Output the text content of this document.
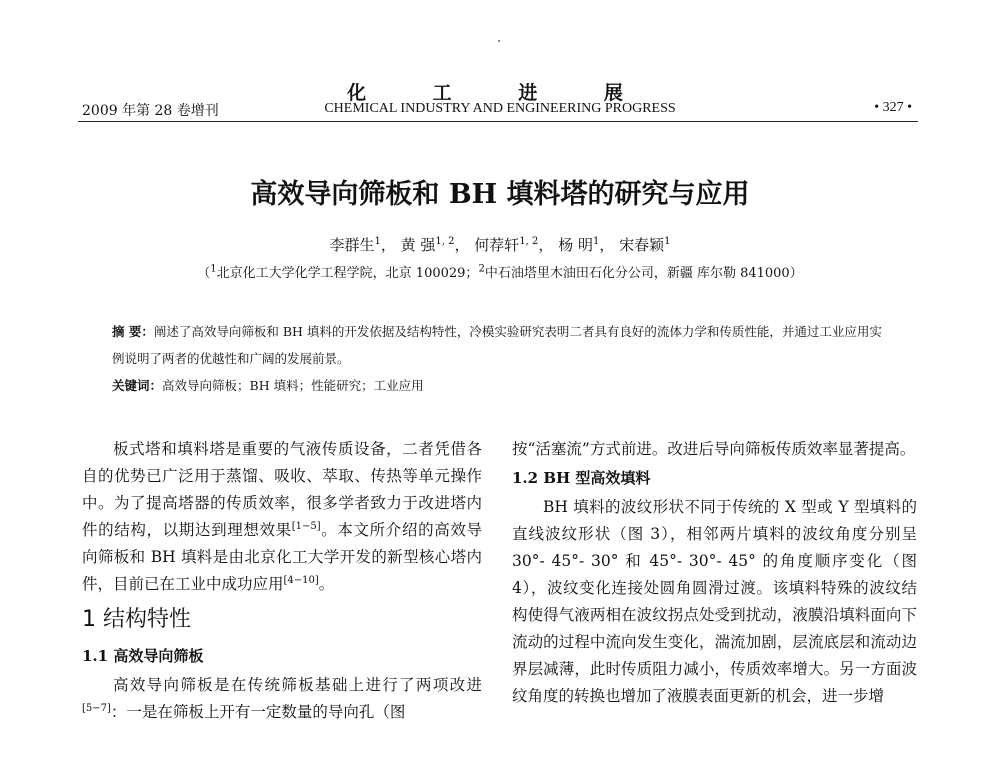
化 工 进 展
2009 年第 28 卷增刊	CHEMICAL INDUSTRY AND ENGINEERING PROGRESS	• 327 •
高效导向筛板和 BH 填料塔的研究与应用
李群生$^1$， 黄 强$^{1, 2}$， 何荐轩$^{1, 2}$， 杨 明$^1$， 宋春颖$^1$
（$^1$北京化工大学化学工程学院，北京 100029；$^2$中石油塔里木油田石化分公司，新疆 库尔勒 841000）
摘 要：阐述了高效导向筛板和 BH 填料的开发依据及结构特性，冷模实验研究表明二者具有良好的流体力学和传质性能，并通过工业应用实例说明了两者的优越性和广阔的发展前景。
关键词：高效导向筛板；BH 填料；性能研究；工业应用

板式塔和填料塔是重要的气液传质设备，二者凭借各自的优势已广泛用于蒸馏、吸收、萃取、传热等单元操作中。为了提高塔器的传质效率，很多学者致力于改进塔内件的结构，以期达到理想效果[1−5]。本文所介绍的高效导向筛板和 BH 填料是由北京化工大学开发的新型核心塔内件，目前已在工业中成功应用[4−10]。

1 结构特性
1.1 高效导向筛板

高效导向筛板是在传统筛板基础上进行了两项改进[5−7]：一是在筛板上开有一定数量的导向孔（图

按“活塞流”方式前进。改进后导向筛板传质效率显著提高。

1.2 BH 型高效填料

BH 填料的波纹形状不同于传统的 X 型或 Y 型填料的直线波纹形状（图 3），相邻两片填料的波纹角度分别呈 30°- 45°- 30° 和 45°- 30°- 45° 的角度顺序变化（图 4），波纹变化连接处圆角圆滑过渡。该填料特殊的波纹结构使得气液两相在波纹拐点处受到扰动，液膜沿填料面向下流动的过程中流向发生变化，湍流加剧，层流底层和流动边界层减薄，此时传质阻力减小，传质效率增大。另一方面波纹角度的转换也增加了液膜表面更新的机会，进一步增
